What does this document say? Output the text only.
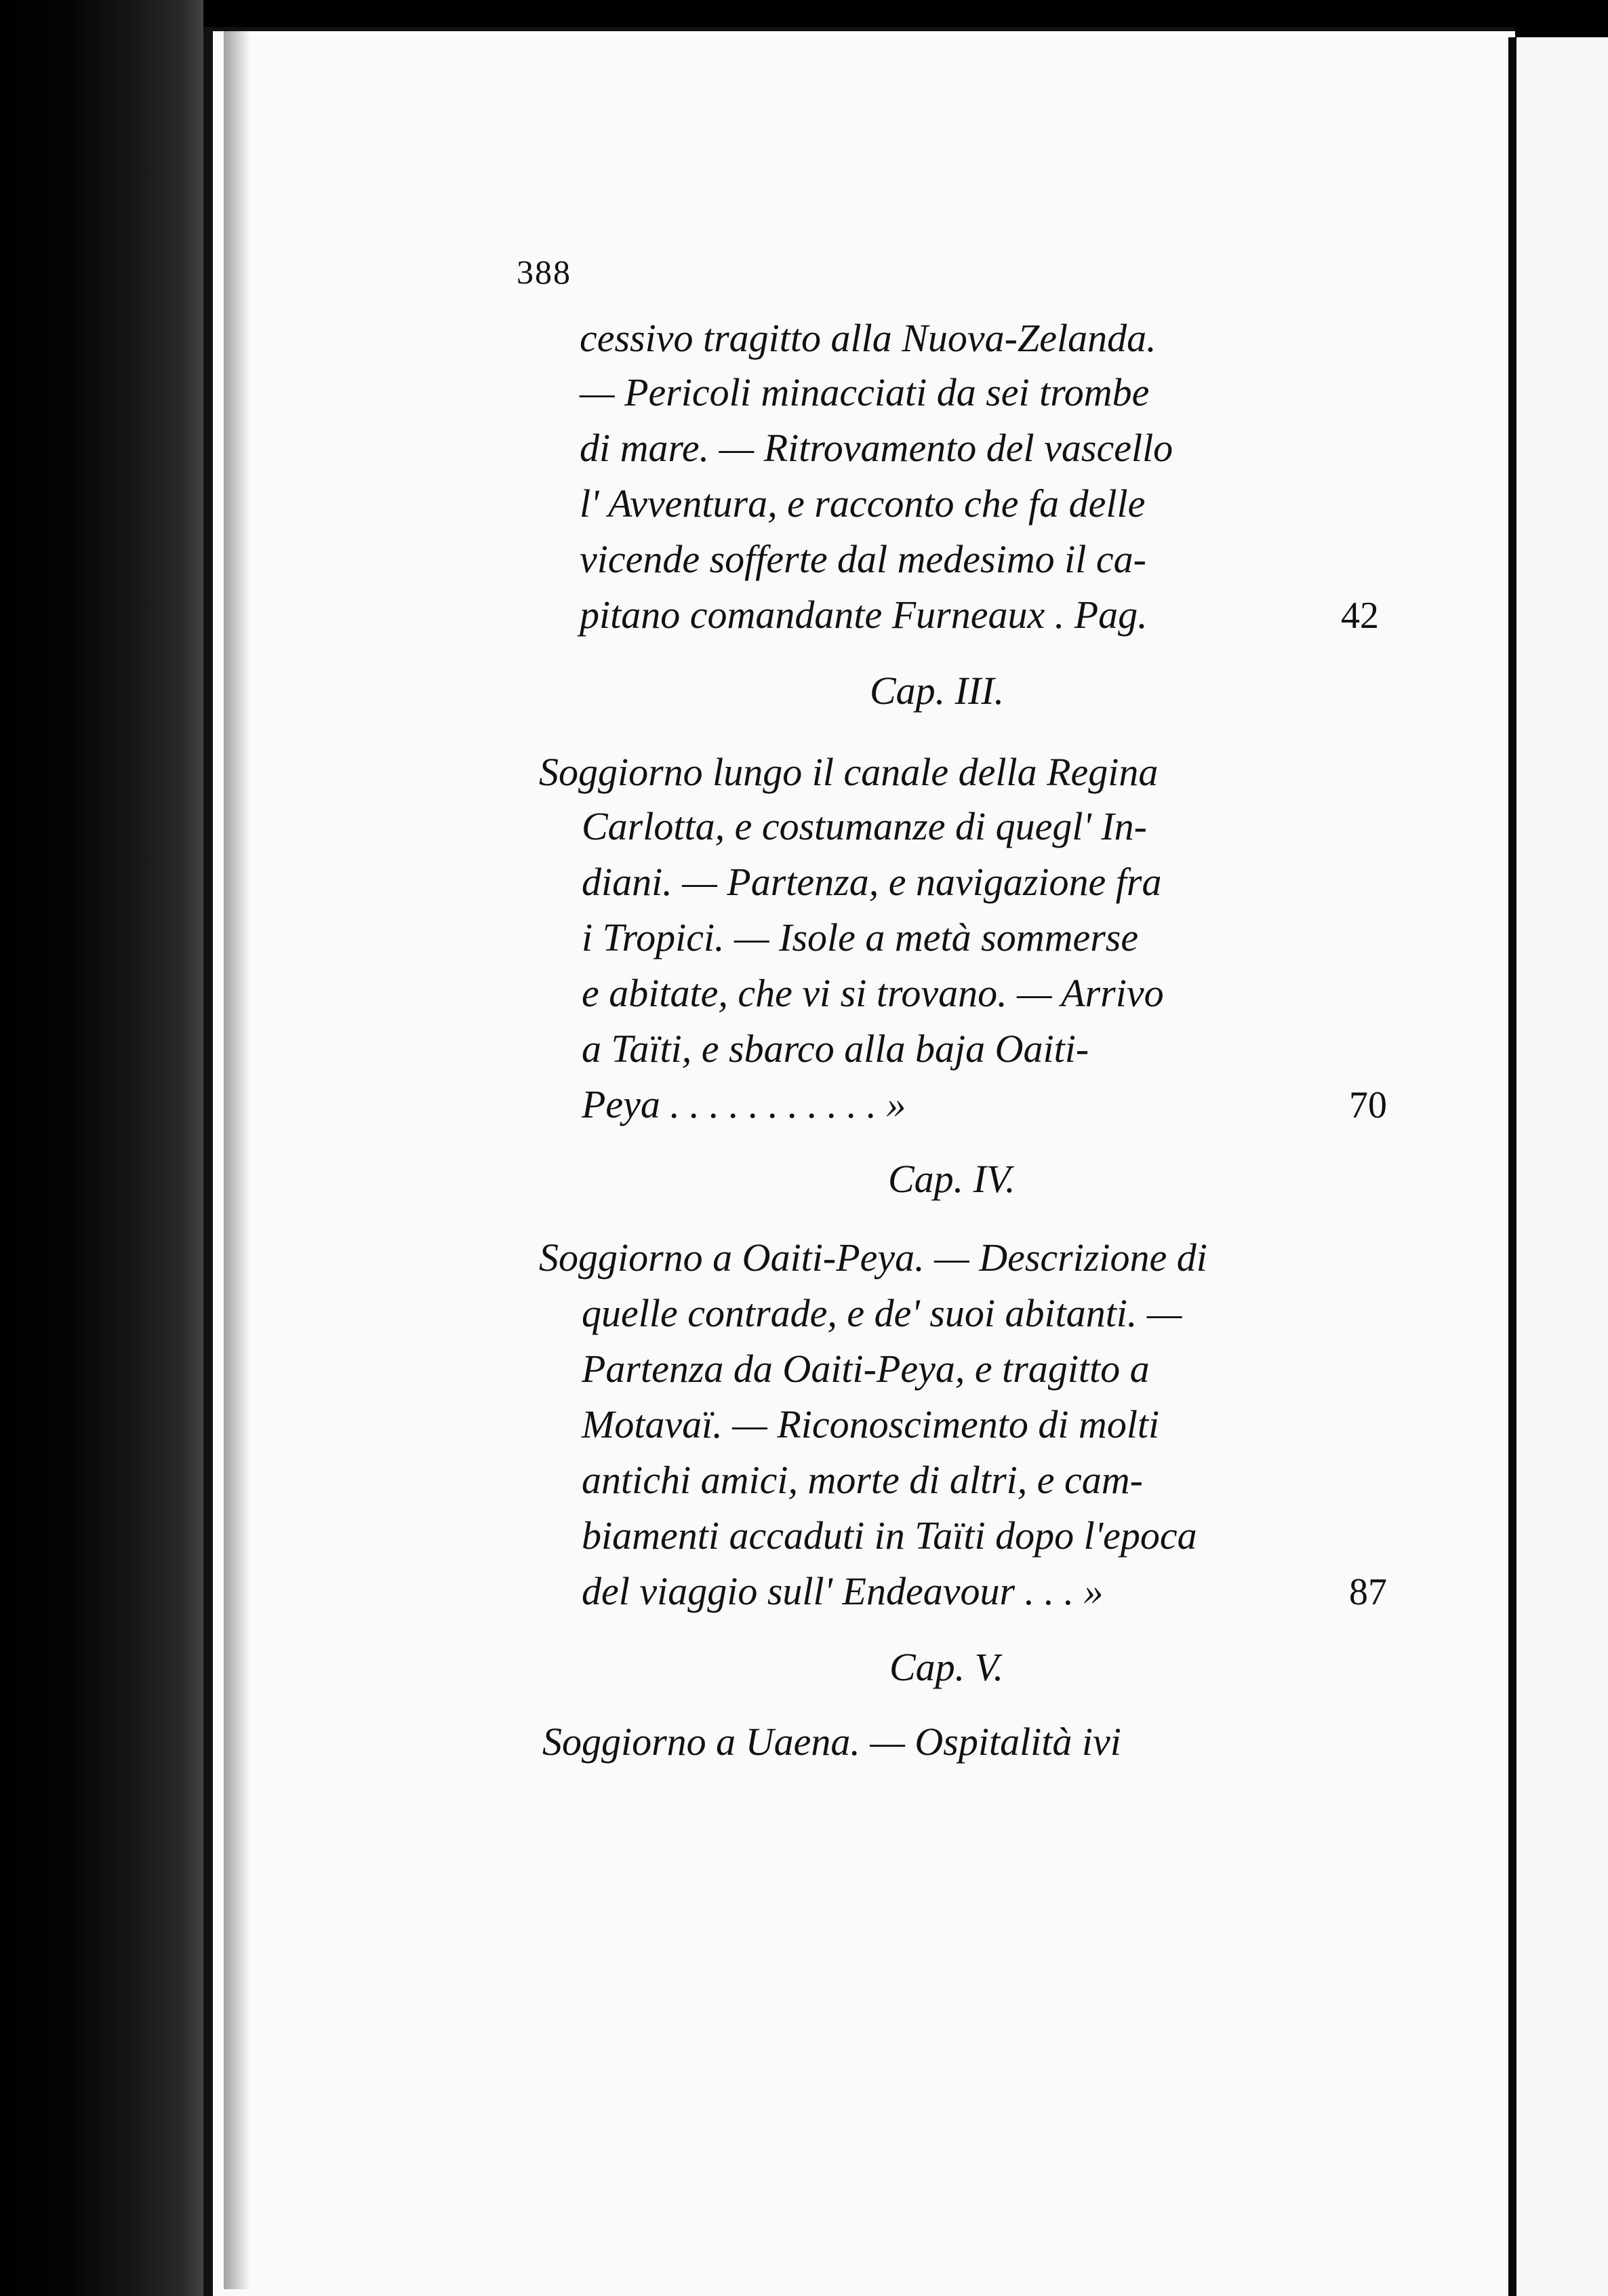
388
cessivo tragitto alla Nuova-Zelanda.
— Pericoli minacciati da sei trombe
di mare. — Ritrovamento del vascello
l' Avventura, e racconto che fa delle
vicende sofferte dal medesimo il ca-
pitano comandante Furneaux . Pag.	42
Cap. III.
Soggiorno lungo il canale della Regina
Carlotta, e costumanze di quegl' In-
diani. — Partenza, e navigazione fra
i Tropici. — Isole a metà sommerse
e abitate, che vi si trovano. — Arrivo
a Taïti, e sbarco alla baja Oaiti-
Peya . . . . . . . . . . . »	70
Cap. IV.
Soggiorno a Oaiti-Peya. — Descrizione di
quelle contrade, e de' suoi abitanti. —
Partenza da Oaiti-Peya, e tragitto a
Motavaï. — Riconoscimento di molti
antichi amici, morte di altri, e cam-
biamenti accaduti in Taïti dopo l'epoca
del viaggio sull' Endeavour . . . »	87
Cap. V.
Soggiorno a Uaena. — Ospitalità ivi
